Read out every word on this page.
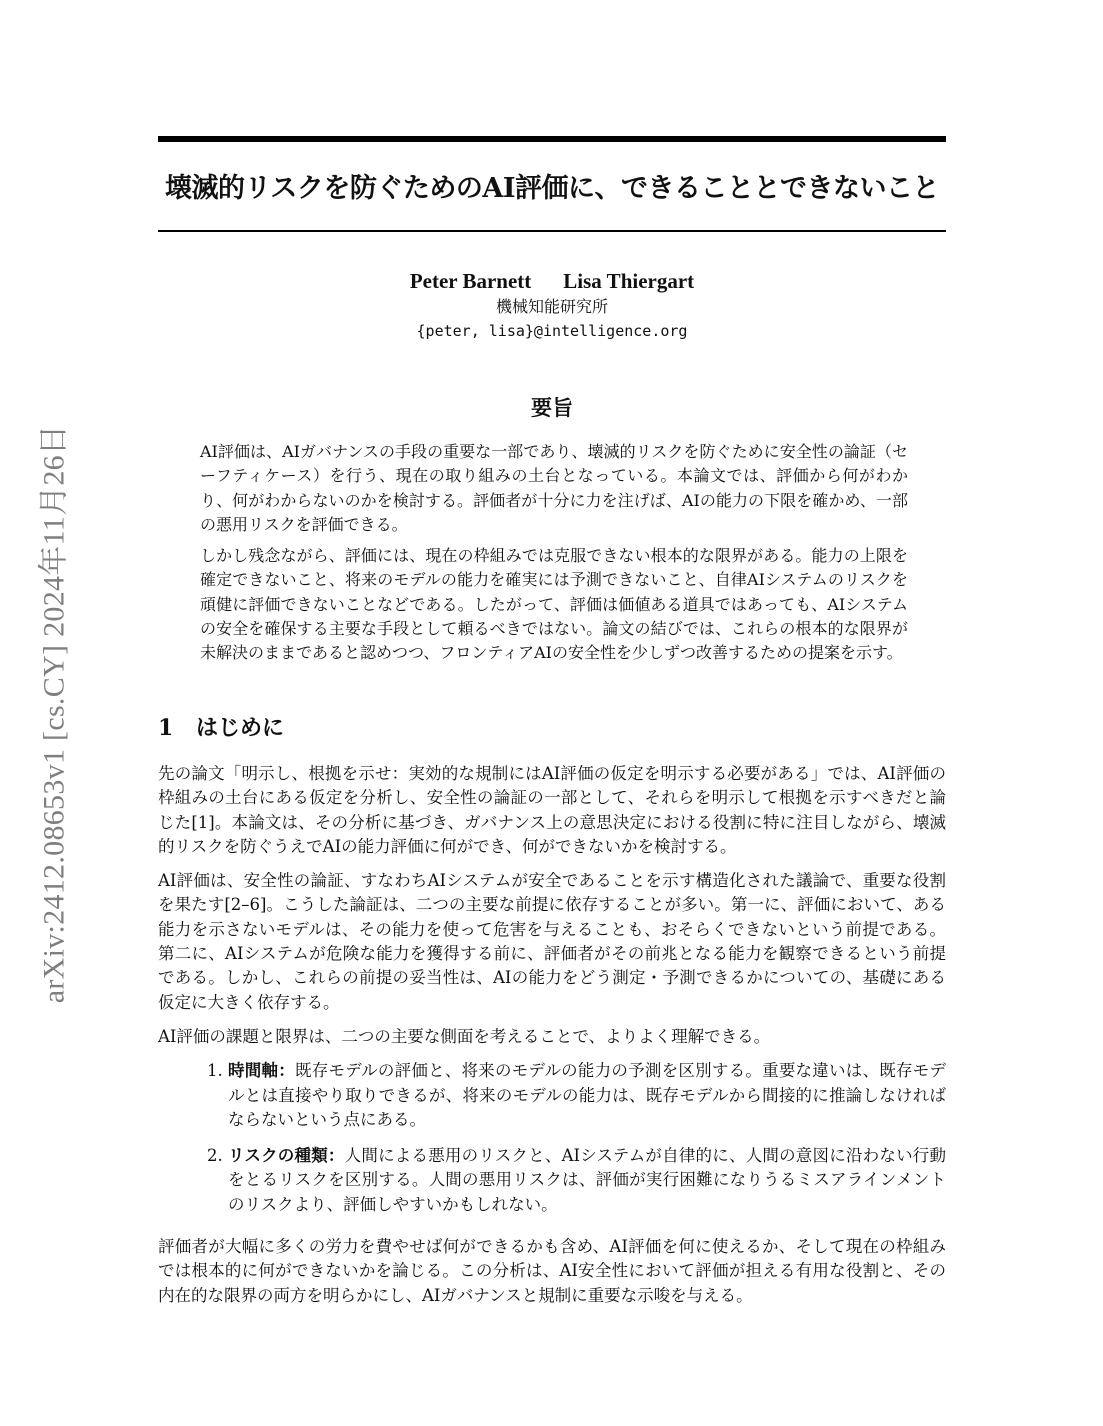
arXiv:2412.08653v1 [cs.CY] 2024年11月26日
壊滅的リスクを防ぐためのAI評価に、できることとできないこと
Peter Barnett Lisa Thiergart
機械知能研究所
{peter, lisa}@intelligence.org
要旨

AI評価は、AIガバナンスの手段の重要な一部であり、壊滅的リスクを防ぐために安全性の論証（セーフティケース）を行う、現在の取り組みの土台となっている。本論文では、評価から何がわかり、何がわからないのかを検討する。評価者が十分に力を注げば、AIの能力の下限を確かめ、一部の悪用リスクを評価できる。

しかし残念ながら、評価には、現在の枠組みでは克服できない根本的な限界がある。能力の上限を確定できないこと、将来のモデルの能力を確実には予測できないこと、自律AIシステムのリスクを頑健に評価できないことなどである。したがって、評価は価値ある道具ではあっても、AIシステムの安全を確保する主要な手段として頼るべきではない。論文の結びでは、これらの根本的な限界が未解決のままであると認めつつ、フロンティアAIの安全性を少しずつ改善するための提案を示す。

1 はじめに

先の論文「明示し、根拠を示せ：実効的な規制にはAI評価の仮定を明示する必要がある」では、AI評価の枠組みの土台にある仮定を分析し、安全性の論証の一部として、それらを明示して根拠を示すべきだと論じた[1]。本論文は、その分析に基づき、ガバナンス上の意思決定における役割に特に注目しながら、壊滅的リスクを防ぐうえでAIの能力評価に何ができ、何ができないかを検討する。

AI評価は、安全性の論証、すなわちAIシステムが安全であることを示す構造化された議論で、重要な役割を果たす[2–6]。こうした論証は、二つの主要な前提に依存することが多い。第一に、評価において、ある能力を示さないモデルは、その能力を使って危害を与えることも、おそらくできないという前提である。第二に、AIシステムが危険な能力を獲得する前に、評価者がその前兆となる能力を観察できるという前提である。しかし、これらの前提の妥当性は、AIの能力をどう測定・予測できるかについての、基礎にある仮定に大きく依存する。

AI評価の課題と限界は、二つの主要な側面を考えることで、よりよく理解できる。

1. 時間軸：既存モデルの評価と、将来のモデルの能力の予測を区別する。重要な違いは、既存モデルとは直接やり取りできるが、将来のモデルの能力は、既存モデルから間接的に推論しなければならないという点にある。
2. リスクの種類：人間による悪用のリスクと、AIシステムが自律的に、人間の意図に沿わない行動をとるリスクを区別する。人間の悪用リスクは、評価が実行困難になりうるミスアラインメントのリスクより、評価しやすいかもしれない。

評価者が大幅に多くの労力を費やせば何ができるかも含め、AI評価を何に使えるか、そして現在の枠組みでは根本的に何ができないかを論じる。この分析は、AI安全性において評価が担える有用な役割と、その内在的な限界の両方を明らかにし、AIガバナンスと規制に重要な示唆を与える。
